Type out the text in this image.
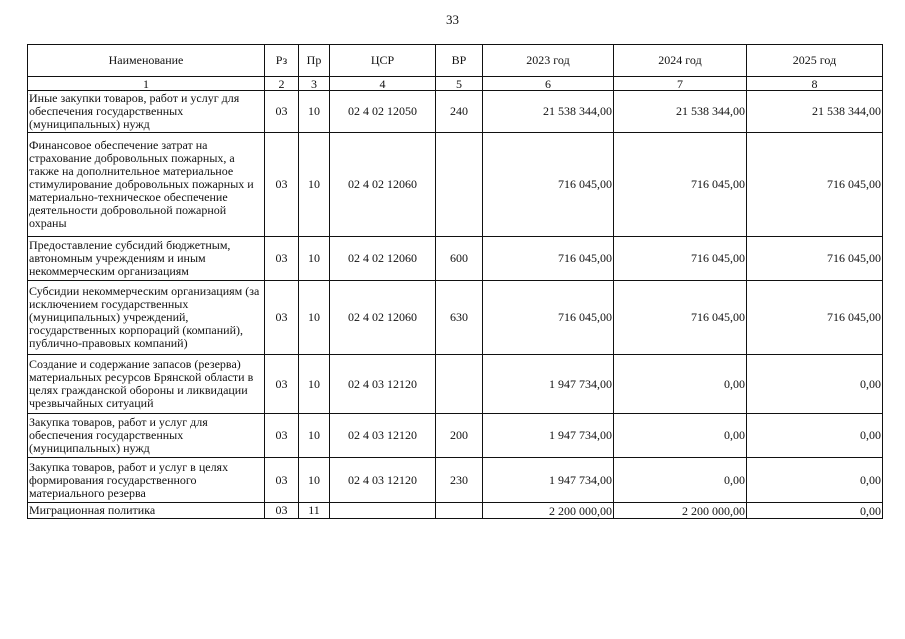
33
Наименование	Рз	Пр	ЦСР	ВР	2023 год	2024 год	2025 год
1	2	3	4	5	6	7	8
Иные закупки товаров, работ и услуг для обеспечения государственных (муниципальных) нужд	03	10	02 4 02 12050	240	21 538 344,00	21 538 344,00	21 538 344,00
Финансовое обеспечение затрат на страхование добровольных пожарных, а также на дополнительное материальное стимулирование добровольных пожарных и материально-техническое обеспечение деятельности добровольной пожарной охраны	03	10	02 4 02 12060		716 045,00	716 045,00	716 045,00
Предоставление субсидий бюджетным, автономным учреждениям и иным некоммерческим организациям	03	10	02 4 02 12060	600	716 045,00	716 045,00	716 045,00
Субсидии некоммерческим организациям (за исключением государственных (муниципальных) учреждений, государственных корпораций (компаний), публично-правовых компаний)	03	10	02 4 02 12060	630	716 045,00	716 045,00	716 045,00
Создание и содержание запасов (резерва) материальных ресурсов Брянской области в целях гражданской обороны и ликвидации чрезвычайных ситуаций	03	10	02 4 03 12120		1 947 734,00	0,00	0,00
Закупка товаров, работ и услуг для обеспечения государственных (муниципальных) нужд	03	10	02 4 03 12120	200	1 947 734,00	0,00	0,00
Закупка товаров, работ и услуг в целях формирования государственного материального резерва	03	10	02 4 03 12120	230	1 947 734,00	0,00	0,00
Миграционная политика	03	11			2 200 000,00	2 200 000,00	0,00
